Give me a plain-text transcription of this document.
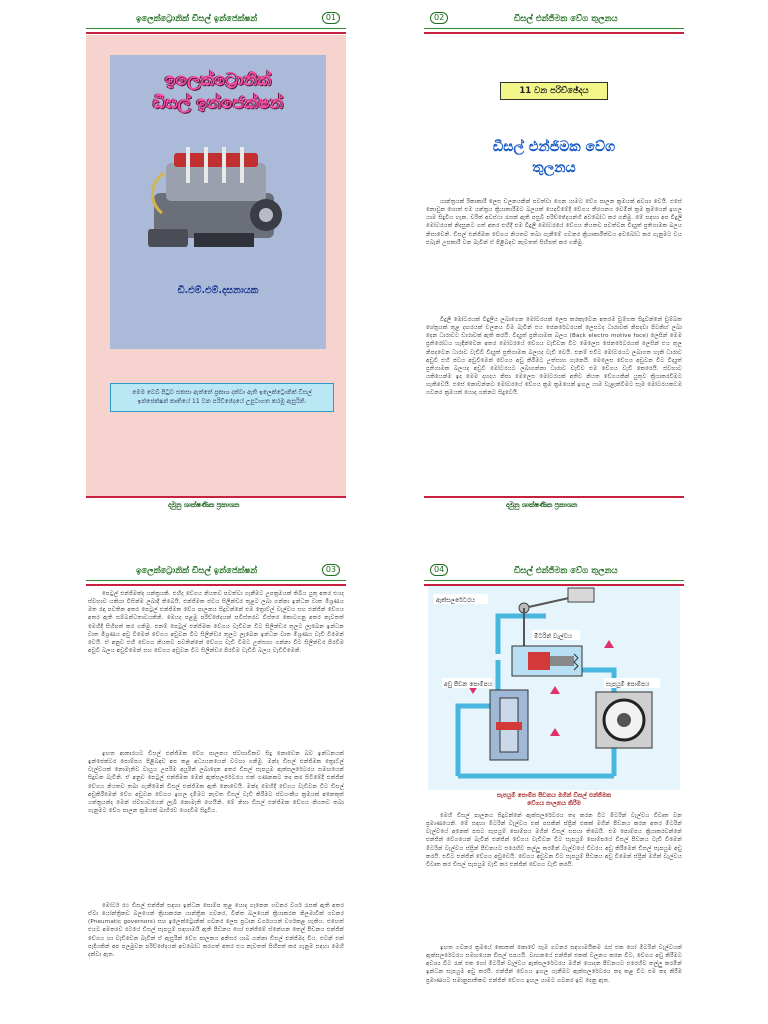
ඉලෙක්ට්‍රොනික් ඩීසල් ඉන්ජෙක්ෂන්	01
ඉලෙක්ට්‍රොනික්
ඩීසල් ඉන්ජෙක්ෂන්
ඩී.එම්.එම්.දසනායක
මෙම වෙබ් පිටුව සකසා ඇත්තේ ප්‍රකාශ දක්වා ඇති ඉලෙක්ට්‍රොනික් ඩීසල් ඉන්ජෙක්ෂන් කෘතියේ 11 වන පරිච්ඡේදයේ උපුටාගත කරමු ඇසුරිනි.
දමුනු ශාක්ෂණික ප්‍රකාශන
02	ඩීසල් එන්ජිමක වේග තුලනය
11 වන පරිච්ඡේදය
ඩීසල් එන්ජිමක වේග
තුලනය
යාන්ත්‍රයක් රිකාකාරී ලෙස චලනයකින් පවත්වා ගෙන යාමට වේග පාලන ක්‍රමයක් අවශ්‍ය වෙයි. එසේ නොවුන හොත් එම යන්ත්‍රය ක්‍රියාකාරීමට බලයක් යෙදවීමේදී වේගය තීරයනය වෙමින් ක්‍රම ක්‍රමයෙන් ඉහල යාම සිදුවිය හැක. චරිත් අවස්ථා රැසක් ඇති පසුබි පරිච්ඡේදයන්හි අවබෝධ කර ගනිමු. මේ සඳහා අප විදුලි මෝටරයක් නිදසුනට ගත් අතර එහිදී එම විදුලි මෝටරයේ වේගය නියතව පවත්වන විද්‍යුත් ප්‍රතිගාමක බලය නිසාවෙනි. ඩීසල් එන්ජිමක වේගය නියතව තබා ගැනීමේ ගවනර ක්‍රියාකාරීත්වය අවබෝධ කර ගැනුමට වය එබැනි උපකාරී වන බැවින් ඒ පිළිබඳව නැවතත් සිහිපත් කර ගනිමු.
විදුලි මෝටරයක් විදුලිය ලබාගෙන මෝටරයක් ලෙස කරකැවෙන අතරම චුම්භක සිදුවන්නේ චුම්බක ශේත්‍රයක් තුළ දඟරයක් චලනය වීම බැවින් එය ජෙනරේටරයක් ලෙසටද ධාරාවක් නිපදවා පිටකිහ් ලබා දෙන ධාරාවට ඩාරාවක් ඇති කරයි. විද්‍යුත් ප්‍රතිගාමක බලය (Back electro motive foce) ලෙසින් මෙම ප්‍රතිරෝධය හැඳින්වෙන අතර මෝටරයේ වේගය වැඩිවන විට මෙලෙස ජෙනරේටරයක් ලෙසින් එය තුල නිපදවෙන ධාරාව වැඩිවී විද්‍යුත් ප්‍රතිගාමක බලයද වැඩි වෙයි. එනම් එවිට මෝටරයට ලබාගත හැකි ධාරාව අඩුවී එහි ජවය අඩුවීමෙන් වේගය අඩු කිරීමට උත්සාහ ගැනෙයි. මෙලෙස වේගය අඩුවන විට විද්‍යුත් ප්‍රතිගාමක බලයද අඩුවී මෝටරයට ලබාගන්නා ධාරාව වැඩිව එම වේගය වැඩි කෙරෙයි. ස්වභාව යකියෙන්ම ඉද මෙම දාහදය නිසා මෙලෙස මෝටරයක් අතිව නියත වේගයකින් යුතුව ක්‍රියාකරවීමට හැකිවෙයි. එසේ නොවන්නට මෝටරයේ වේගය ක්‍රම ක්‍රමයෙන් ඉහල යාම වැළැක්වීමට සෑම මෝටරයකටම ගවනර ක්‍රමයක් යොදා ගන්නට සිදුවෙයි.
දමුනු ශාක්ෂණික ප්‍රකාශන
ඉලෙක්ට්‍රොනික් ඩීසල් ඉන්ජෙක්ෂන්	03
පෙට්‍රල් එන්ජිමක්ද යන්ත්‍රයකි. එහිද වේගය නියතව පවත්වා ගැනීමට උපක්‍රමයක් තිබිය යුතු අතර එයද ස්වභාව යකියා විසින්ම ලබාදී තිබෙයි. එන්ජිමක ජවය සිලින්ඩර තුළට ලබා ගන්නා ඉන්ධන වාත මිශ්‍රණය මත රඳා පවතින අතර පෙට්‍රල් එන්ජිමක වේග පාලනය සිදුවන්නේ එම ත්‍රොට්ල් වැල්වය සහ එන්ජින් වේගය අතර ඇති සම්බන්ධතාවයකිනි. මෙයද පළමු පරිච්ඡේදයන් සවිස්තරව විස්තර කොටගනු අතර නැවතත් මෙහිදී සිහිපත් කර ගනිමු. එනම් පෙට්‍රල් එන්ජිමක වේගය වැඩිවන විට සිලින්ඩර තුලට ලැබෙන ඉන්ධන වාත මිශ්‍රණය අඩු වීමෙන් වේගය අඩුවන විට සිලින්ඩර තුලට ලැබෙන ඉන්ධන වාත මිශ්‍රණය වැඩි වීමෙන් වෙයි. ඒ අනුව එහි වේගය නියතව පවතින්නේ වේගය වැඩි වීමට උත්සාහ ගන්නා විට සිලින්ඩර පිරවීම අඩුවී බලය අඩුවීමෙන් සහ වේගය අඩුවන විට සිලින්ඩර පිරවීම වැඩිවී බලය වැඩිවීමෙනි.
ඉහත ආකාරයට ඩීසල් එන්ජිමක වේග පාලනය ස්වභාවිකව සිදු නොවෙන බව ඉන්ධනයක් ඉන්ජෙක්ටර පොම්පය පිළිබඳව අප කළ අධ්‍යයනයෙන් වටහා ගනිමු. මන්ද ඩීසල් එන්ජිමක ත්‍රොට්ල් වැල්වයක් නොමැතිව වායුය උපරිම අයුරින් ලබාදෙන අතර ඩීසල් සැපයුම ඇක්සලරේටරය සමඟයෙන් සිදුවන බැවිනි. ඒ අනුව පෙට්‍රල් එන්ජිමක මෙන් ඇක්සලරේටරය එක් ගණනකට තද කර සිටීමේදී එන්ජින් වේගය නියතව තබා ගැනීමෙන් ඩීසල් එන්ජිමක ඇති නොවෙයි. මන්ද මෙහිදී වේගය වැඩිවන විට ඩීසල් අඩුකිරීමෙන් වේග අඩුවන වේගය ඉහල දැමීමට නැවත ඩීසල් වැඩි කිරීමට ස්වයංකීය ක්‍රමයක් අනෙකුත් යන්ත්‍රයන්ද මෙන් ස්වභාවයෙන් ලැබී නොමැති හෙයිනි. මේ නිසා ඩීසල් එන්ජිමක වේගය නියතව තබා ගැනුමට වේග පාලන ක්‍රමයක් බාහිරව යෙදවීම සිදුවිය.
මෝටර් රථ ඩීසල් එන්ජින් සඳහා ඉන්ධන පොම්ප තුළ යොදා ගැනෙන ගවනර වර්ග රැසක් ඇති අතර ඒවා යෝන්ත්‍රිකව බලයෙන් ක්‍රියාකරන යාන්ත්‍රික ගවනර, වීන්ත බලයෙන් ක්‍රියාකරන නිලමාවික් ගවනර (Pneumatic governors) සහ ඉලෙක්ට්‍රොනික් ගවනර ලෙස ප්‍රධාන වර්ගයයන් වර්ගකළ හැකිය. එහෙත් එයට අමතරව රටයේ ඩීසල් සැපයුම් සඳහාමයි ඇති පීඩනය හෝ එන්ජිමේ ස්නේහන තෙල් පීඩනය එන්ජින් වේගය හා වැඩිවෙන බැවින් ඒ ඇසුරින් වේග පාලනය අනිසර යාබ ගන්නා ඩීසල් එන්ජිමද විය. එවන් එක් පැදියකින් අප පලමුවන පරිච්ඡේදයන් අවබෝධ කරගත් අතර එය නැවතත් සිහිපත් කර ගැනුම සඳහා මෙහි දක්වා ඇත.
04	ඩීසල් එන්ජිමක වේග තුලනය
ඇක්සලරේටරය
මීටරින් වැල්වය
අඩු පීඩන පොම්පය	සැපයුම් පොම්පය
සැපයුම් පොම්ප පීඩනය මගින් ඩීසල් එන්ජිමක
වේගය පාලනය කිරීම
මෙහි ඩීසල් පාලනය සිදුවන්නේ ඇක්සලරේටරය තද කරන විට මීටරින් වැල්වය විවෘත වන ප්‍රමාණයෙනි. මේ සඳහා මීටරින් වැල්වය එක් පසකින් ස්ප්‍රින් එකක් මගින් පීඩනය කරන අතර මීටරින් වැල්වයේ අනෙක් පසට සැපයුම් පොම්පය මගින් ඩීසල් සපයා තිබෙයි. එම පොම්පය ක්‍රියාකරවන්නේ එන්ජින් වේගයෙන් බැවින් එන්ජින් වේගය වැඩිවන විට සැපයුම් පොම්පයේ ඩීසල් පීඩනය වැඩි වීමෙන් මීටරින් වැල්වය ස්ප්‍රින් පීඩනයට එරෙහිව තල්ලු කරමින් වැල්වයේ විවරය අඩු කිරීමෙන් ඩීසල් සැපයුම අඩු කරයි. එවිට එන්ජින් වේගය අඩුවෙයි. වේගය අඩුවන විට සැපයුම් පීඩනය අඩු වීමෙන් ස්ප්‍රින් මගින් වැල්වය විවෘත කර ඩීසල් සැපයුම වැඩි කර එන්ජින් වේගය වැඩි කරයි.
ඉහත ගවනර ක්‍රමයේ කොතක් නොවේ සෑම ගවනර සඳහාමයිකම රැස් එක හෝ මීටරින් වැල්වයක් ඇක්සලරේටරය සමඟයෙන ඩීසල් සපයයි. වාහනයේ එන්ජින් එකක් චලනය කරන විට, වේගය අඩු කිරීමට අවශ්‍ය විට රැක් එක හෝ මීටරින් වැල්වය ඇක්සලරේටරය මගින් යොදන පීඩනයට එරෙහිව තල්ලු කරමින් ඉන්ධන සැපයුම අඩු කරයි. එන්ජින් වේගය ඉහල ගැනීමට ඇක්සලරේටරය තද කළ විට එම තද කිරීම ප්‍රමාණයට සමානුපාතිකව එන්ජින් වේගය ඉහල යාමට ගවනර ඉඩ දෙනු ඇත.
